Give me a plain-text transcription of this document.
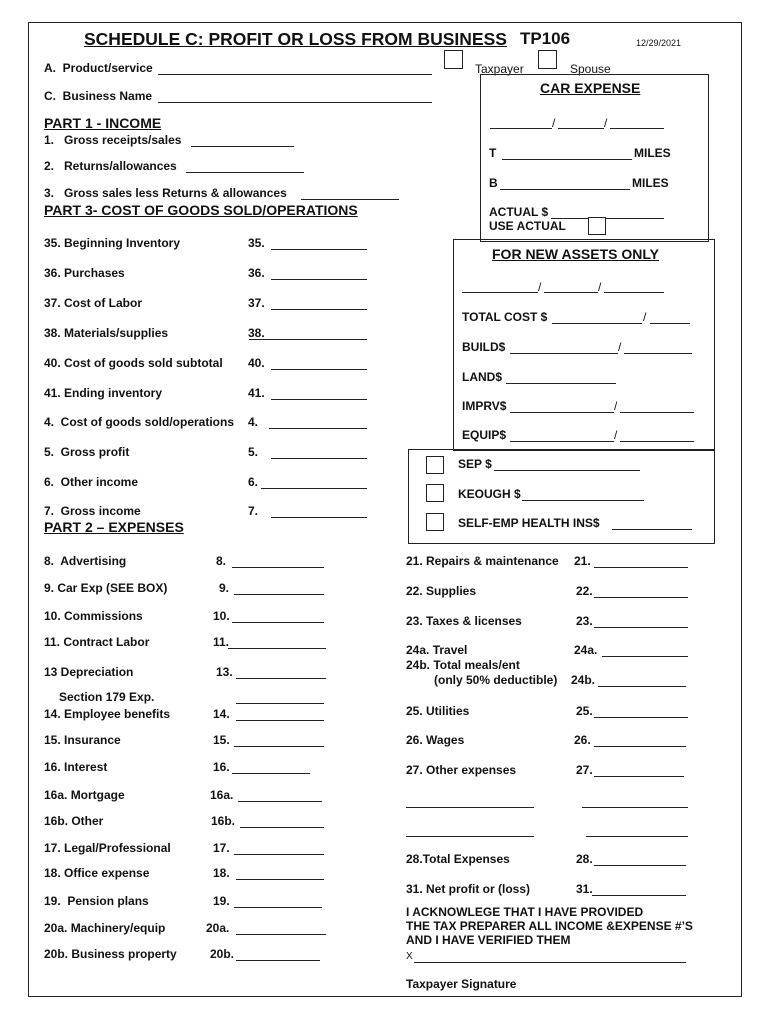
SCHEDULE C: PROFIT OR LOSS FROM BUSINESS TP106	12/29/2021
A.  Product/service	Taxpayer	Spouse
C.  Business Name
PART 1 - INCOME
1.   Gross receipts/sales
2.   Returns/allowances
3.   Gross sales less Returns & allowances
PART 3- COST OF GOODS SOLD/OPERATIONS
35. Beginning Inventory	35.
36. Purchases	36.
37. Cost of Labor	37.
38. Materials/supplies	38.
40. Cost of goods sold subtotal 40.
41. Ending inventory	41.
4.  Cost of goods sold/operations 4.
5.  Gross profit	5.
6.  Other income	6.
7.  Gross income	7.
CAR EXPENSE
/	/
T	MILES
B	MILES
ACTUAL $
USE ACTUAL
FOR NEW ASSETS ONLY
/	/
TOTAL COST $	/
BUILD$	/
LAND$
IMPRV$	/
EQUIP$	/
SEP $
KEOUGH $
SELF-EMP HEALTH INS$
PART 2 – EXPENSES
8.  Advertising	8.
9. Car Exp (SEE BOX)	9.
10. Commissions	10.
11. Contract Labor	11.
13 Depreciation	13.
Section 179 Exp.
14. Employee benefits	14.
15. Insurance	15.
16. Interest	16.
16a. Mortgage	16a.
16b. Other	16b.
17. Legal/Professional	17.
18. Office expense	18.
19.  Pension plans	19.
20a. Machinery/equip	20a.
20b. Business property	20b.
21. Repairs & maintenance 21.
22. Supplies	22.
23. Taxes & licenses	23.
24a. Travel	24a.
24b. Total meals/ent
(only 50% deductible) 24b.
25. Utilities	25.
26. Wages	26.
27. Other expenses	27.
28.Total Expenses	28.
31. Net profit or (loss)	31.
I ACKNOWLEGE THAT I HAVE PROVIDED
THE TAX PREPARER ALL INCOME &EXPENSE #’S
AND I HAVE VERIFIED THEM
X
Taxpayer Signature
